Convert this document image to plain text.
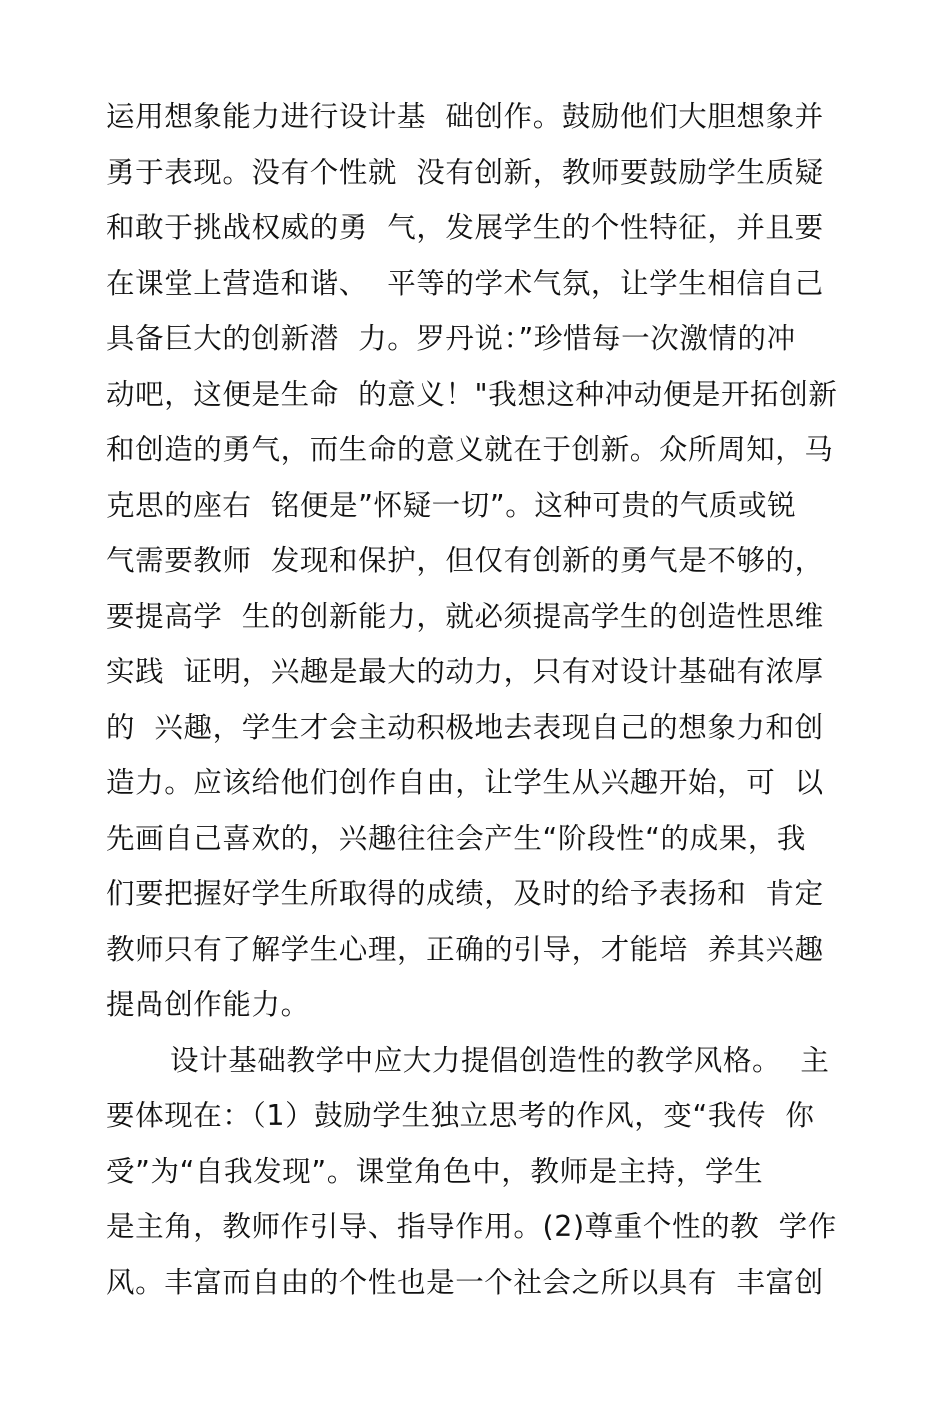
运用想象能力进行设计基  础创作。鼓励他们大胆想象并
勇于表现。没有个性就  没有创新，教师要鼓励学生质疑
和敢于挑战权威的勇  气，发展学生的个性特征，并且要
在课堂上营造和谐、  平等的学术气氛，让学生相信自己
具备巨大的创新潜  力。罗丹说：”珍惜每一次激情的冲
动吧，这便是生命  的意义！"我想这种冲动便是开拓创新
和创造的勇气，而生命的意义就在于创新。众所周知，马
克思的座右  铭便是”怀疑一切”。这种可贵的气质或锐
气需要教师  发现和保护，但仅有创新的勇气是不够的，
要提高学  生的创新能力，就必须提高学生的创造性思维
实践  证明，兴趣是最大的动力，只有对设计基础有浓厚
的  兴趣，学生才会主动积极地去表现自己的想象力和创
造力。应该给他们创作自由，让学生从兴趣开始，可  以
先画自己喜欢的，兴趣往往会产生“阶段性“的成果，我
们要把握好学生所取得的成绩，及时的给予表扬和  肯定
教师只有了解学生心理，正确的引导，才能培  养其兴趣
提咼创作能力。
设计基础教学中应大力提倡创造性的教学风格。  主
要体现在：（1）鼓励学生独立思考的作风，变“我传  你
受”为“自我发现”。课堂角色中，教师是主持，学生
是主角，教师作引导、指导作用。(2)尊重个性的教  学作
风。丰富而自由的个性也是一个社会之所以具有  丰富创
